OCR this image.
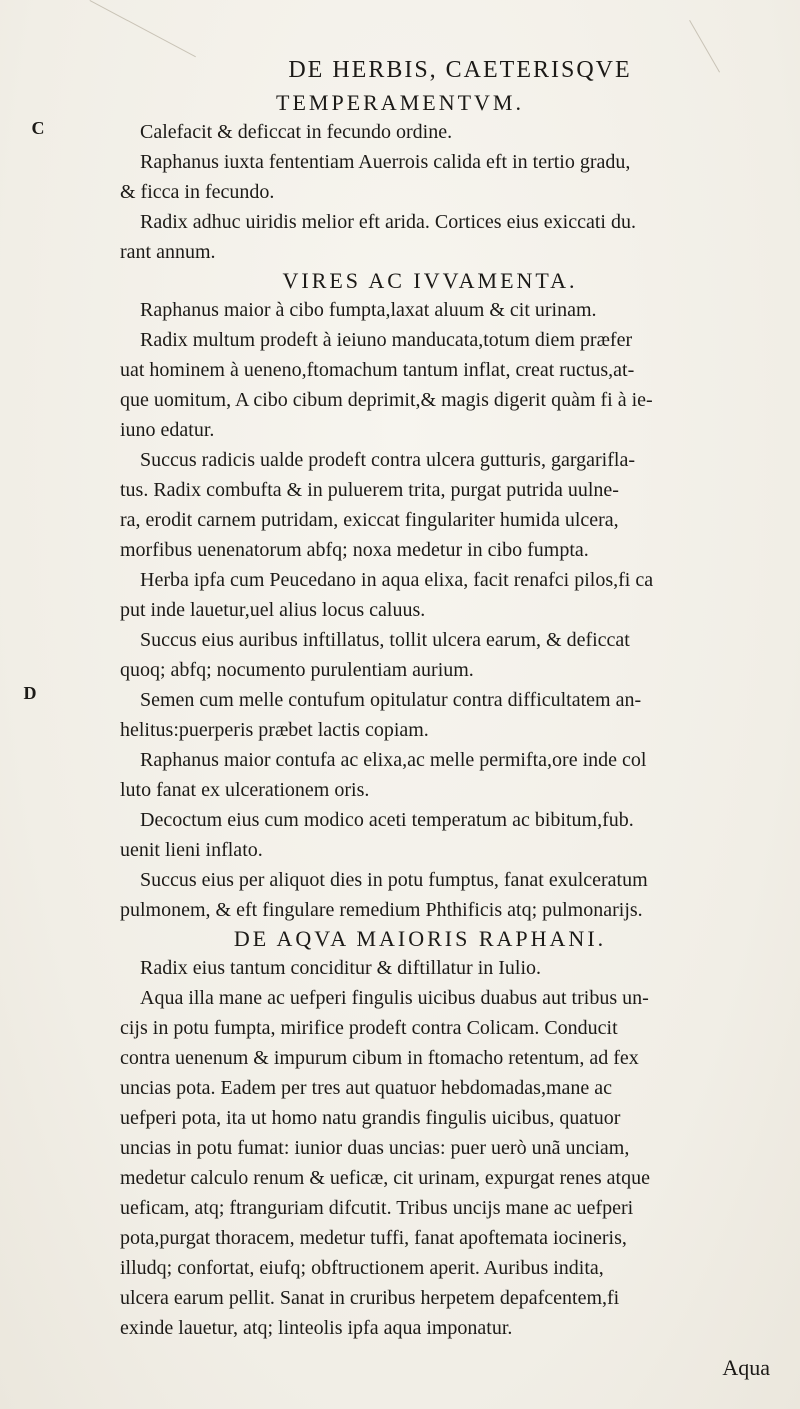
DE HERBIS, CAETERISQVE
TEMPERAMENTVM.
C
D
Calefacit & deficcat in fecundo ordine.
Raphanus iuxta fententiam Auerrois calida eft in tertio gradu,
& ficca in fecundo.
Radix adhuc uiridis melior eft arida. Cortices eius exiccati du.
rant annum.
VIRES AC IVVAMENTA.
Raphanus maior à cibo fumpta,laxat aluum & cit urinam.
Radix multum prodeft à ieiuno manducata,totum diem præfer
uat hominem à ueneno,ftomachum tantum inflat, creat ructus,at-
que uomitum, A cibo cibum deprimit,& magis digerit quàm fi à ie-
iuno edatur.
Succus radicis ualde prodeft contra ulcera gutturis, gargarifla-
tus. Radix combufta & in puluerem trita, purgat putrida uulne-
ra, erodit carnem putridam, exiccat fingulariter humida ulcera,
morfibus uenenatorum abfq; noxa medetur in cibo fumpta.
Herba ipfa cum Peucedano in aqua elixa, facit renafci pilos,fi ca
put inde lauetur,uel alius locus caluus.
Succus eius auribus inftillatus, tollit ulcera earum, & deficcat
quoq; abfq; nocumento purulentiam aurium.
Semen cum melle contufum opitulatur contra difficultatem an-
helitus:puerperis præbet lactis copiam.
Raphanus maior contufa ac elixa,ac melle permifta,ore inde col
luto fanat ex ulcerationem oris.
Decoctum eius cum modico aceti temperatum ac bibitum,fub.
uenit lieni inflato.
Succus eius per aliquot dies in potu fumptus, fanat exulceratum
pulmonem, & eft fingulare remedium Phthificis atq; pulmonarijs.
DE AQVA MAIORIS RAPHANI.
Radix eius tantum conciditur & diftillatur in Iulio.
Aqua illa mane ac uefperi fingulis uicibus duabus aut tribus un-
cijs in potu fumpta, mirifice prodeft contra Colicam. Conducit
contra uenenum & impurum cibum in ftomacho retentum, ad fex
uncias pota. Eadem per tres aut quatuor hebdomadas,mane ac
uefperi pota, ita ut homo natu grandis fingulis uicibus, quatuor
uncias in potu fumat: iunior duas uncias: puer uerò unã unciam,
medetur calculo renum & ueficæ, cit urinam, expurgat renes atque
ueficam, atq; ftranguriam difcutit. Tribus uncijs mane ac uefperi
pota,purgat thoracem, medetur tuffi, fanat apoftemata iocineris,
illudq; confortat, eiufq; obftructionem aperit. Auribus indita,
ulcera earum pellit. Sanat in cruribus herpetem depafcentem,fi
exinde lauetur, atq; linteolis ipfa aqua imponatur.
Aqua
